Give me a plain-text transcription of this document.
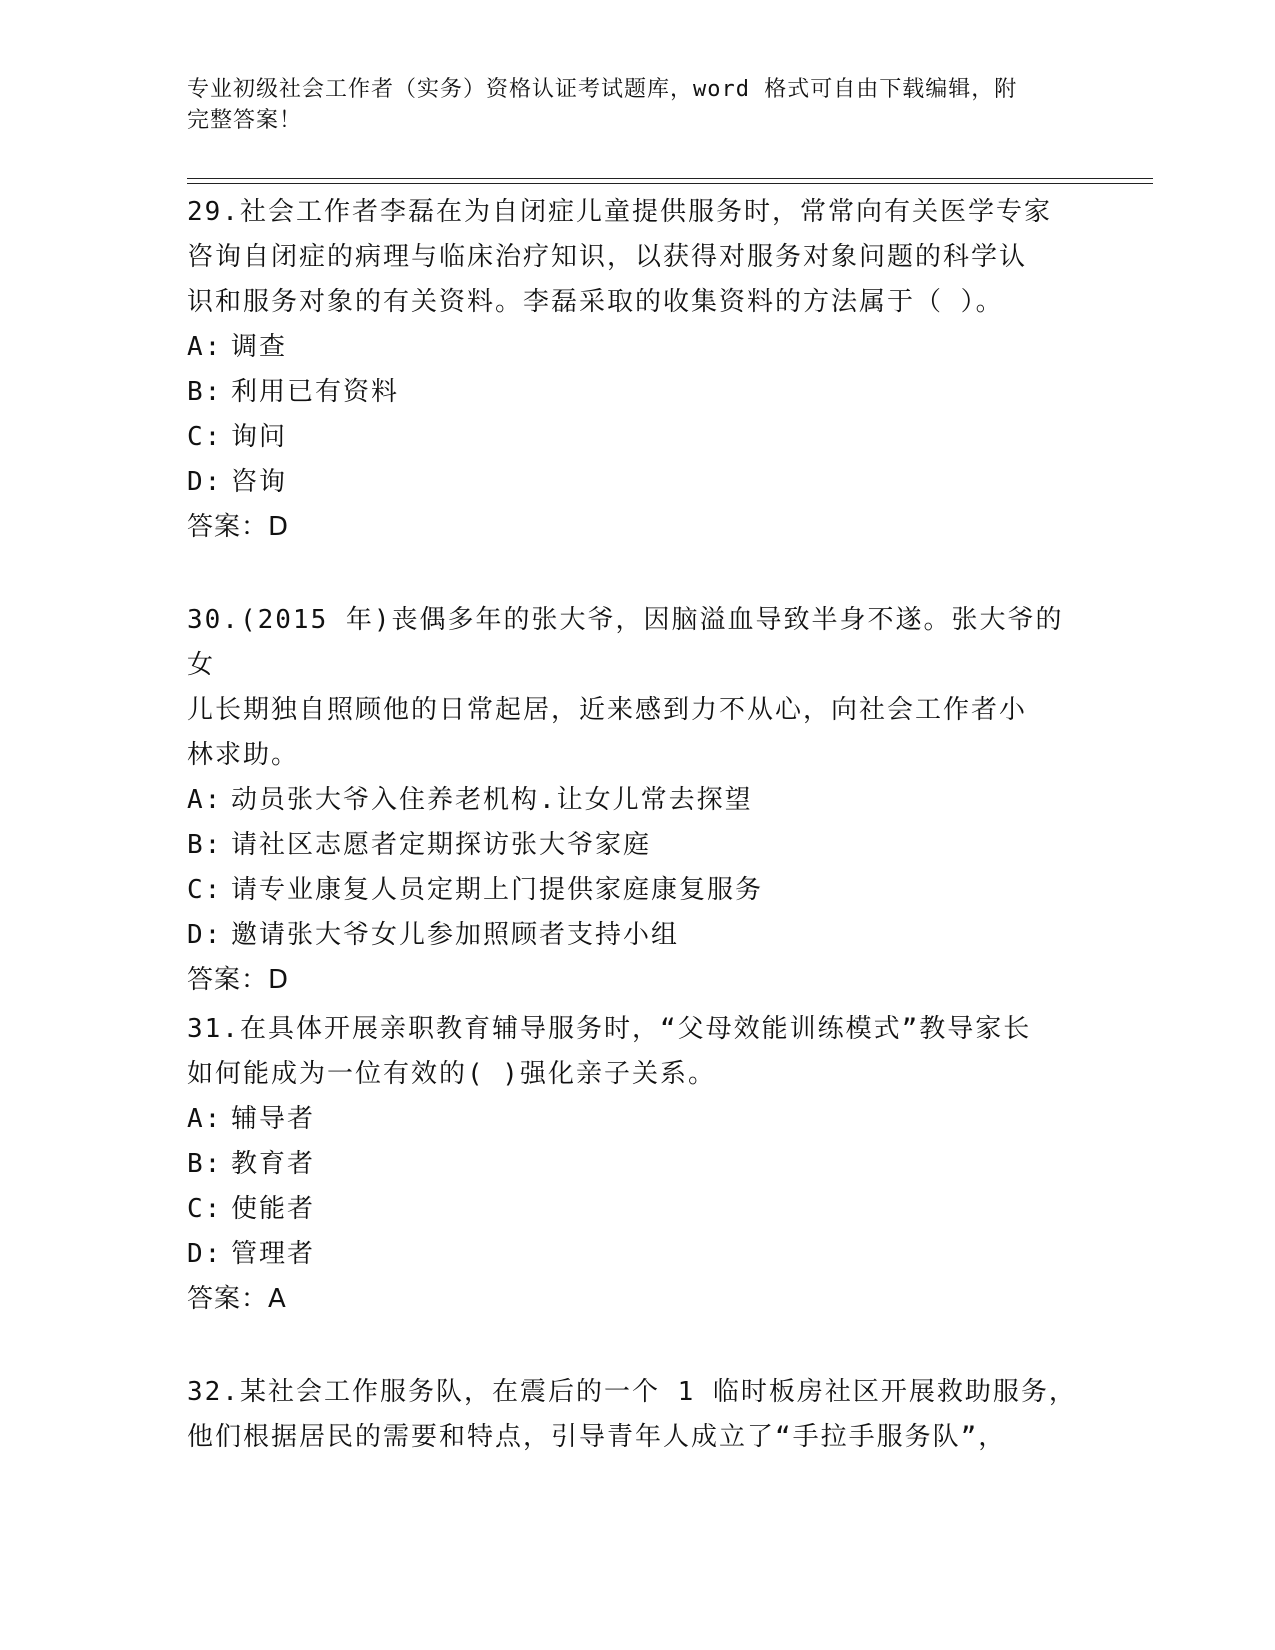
专业初级社会工作者（实务）资格认证考试题库，word 格式可自由下载编辑，附
完整答案！

29.社会工作者李磊在为自闭症儿童提供服务时，常常向有关医学专家
咨询自闭症的病理与临床治疗知识，以获得对服务对象问题的科学认
识和服务对象的有关资料。李磊采取的收集资料的方法属于（ ）。

A: 调查

B: 利用已有资料

C: 询问

D: 咨询

答案：D

30.(2015 年)丧偶多年的张大爷，因脑溢血导致半身不遂。张大爷的女
儿长期独自照顾他的日常起居，近来感到力不从心，向社会工作者小
林求助。

A: 动员张大爷入住养老机构.让女儿常去探望

B: 请社区志愿者定期探访张大爷家庭

C: 请专业康复人员定期上门提供家庭康复服务

D: 邀请张大爷女儿参加照顾者支持小组

答案：D

31.在具体开展亲职教育辅导服务时，“父母效能训练模式”教导家长
如何能成为一位有效的( )强化亲子关系。

A: 辅导者

B: 教育者

C: 使能者

D: 管理者

答案：A

32.某社会工作服务队，在震后的一个 1 临时板房社区开展救助服务，
他们根据居民的需要和特点，引导青年人成立了“手拉手服务队”，
